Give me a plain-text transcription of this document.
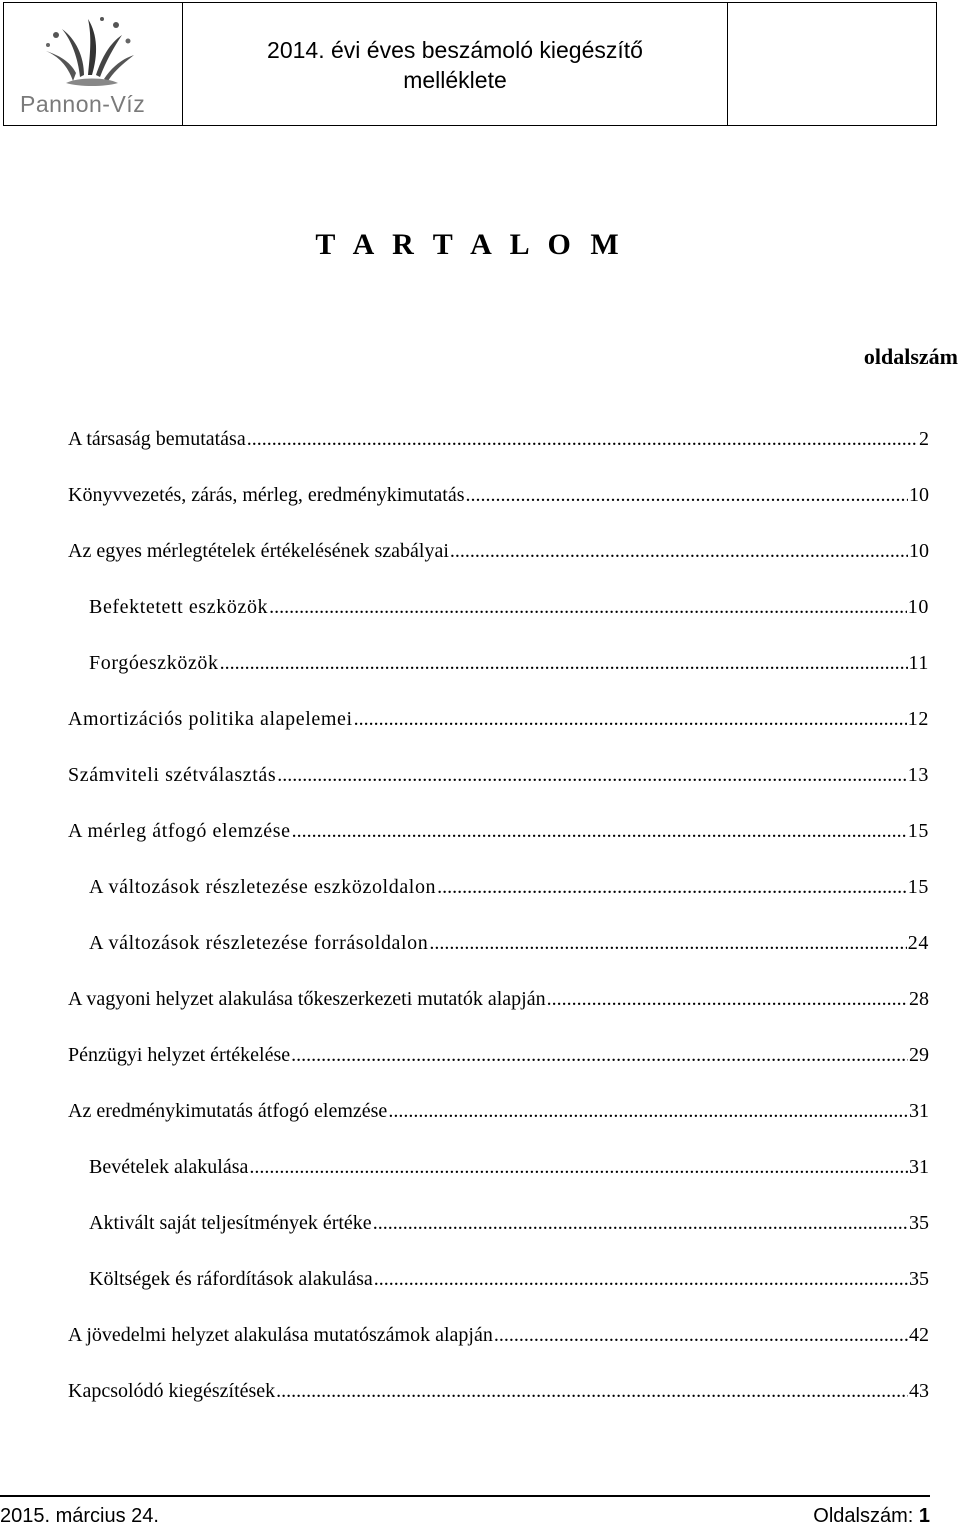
Pannon-Víz
2014. évi éves beszámoló kiegészítő
melléklete
T A R T A L O M
oldalszám
A társaság bemutatása .....	2
Könyvvezetés, zárás, mérleg, eredménykimutatás .....	10
Az egyes mérlegtételek értékelésének szabályai .....	10
Befektetett eszközök .....	10
Forgóeszközök .....	11
Amortizációs politika alapelemei .....	12
Számviteli szétválasztás .....	13
A mérleg átfogó elemzése .....	15
A változások részletezése eszközoldalon .....	15
A változások részletezése forrásoldalon .....	24
A vagyoni helyzet alakulása tőkeszerkezeti mutatók alapján .....	28
Pénzügyi helyzet értékelése .....	29
Az eredménykimutatás átfogó elemzése .....	31
Bevételek alakulása .....	31
Aktivált saját teljesítmények értéke .....	35
Költségek és ráfordítások alakulása .....	35
A jövedelmi helyzet alakulása mutatószámok alapján .....	42
Kapcsolódó kiegészítések .....	43
2015. március 24.	Oldalszám: 1
